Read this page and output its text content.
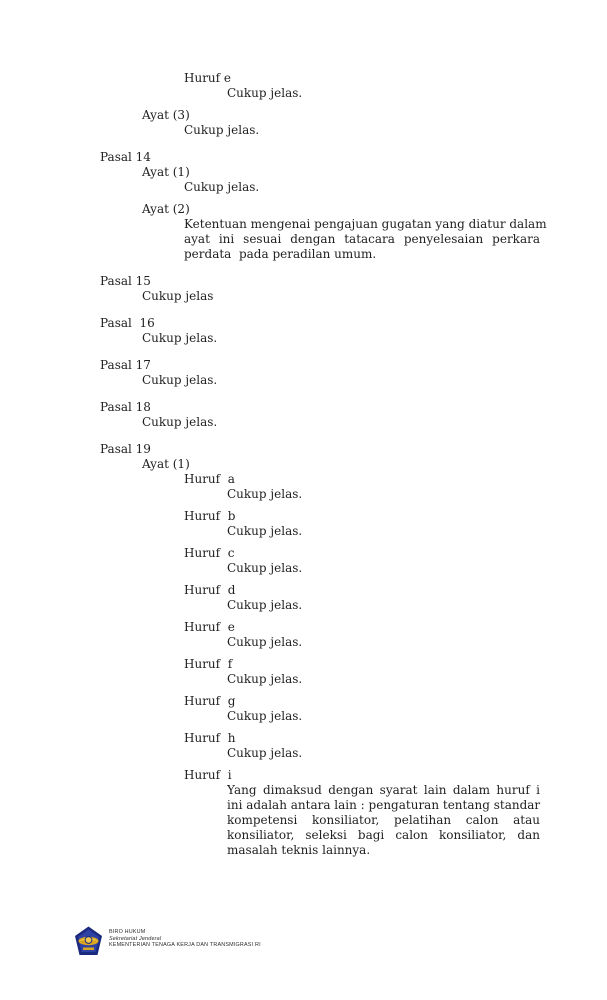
Huruf e
Cukup jelas.
Ayat (3)
Cukup jelas.
Pasal 14
Ayat (1)
Cukup jelas.
Ayat (2)
Ketentuan mengenai pengajuan gugatan yang diatur dalam
ayat ini sesuai dengan tatacara penyelesaian perkara
perdata  pada peradilan umum.
Pasal 15
Cukup jelas
Pasal  16
Cukup jelas.
Pasal 17
Cukup jelas.
Pasal 18
Cukup jelas.
Pasal 19
Ayat (1)
Huruf  a
Cukup jelas.
Huruf  b
Cukup jelas.
Huruf  c
Cukup jelas.
Huruf  d
Cukup jelas.
Huruf  e
Cukup jelas.
Huruf  f
Cukup jelas.
Huruf  g
Cukup jelas.
Huruf  h
Cukup jelas.
Huruf  i
Yang dimaksud dengan syarat lain dalam huruf i
ini adalah antara lain : pengaturan tentang standar
kompetensi konsiliator, pelatihan calon atau
konsiliator, seleksi bagi calon konsiliator, dan
masalah teknis lainnya.
BIRO HUKUM
Sekretariat Jenderal
KEMENTERIAN TENAGA KERJA DAN TRANSMIGRASI RI
